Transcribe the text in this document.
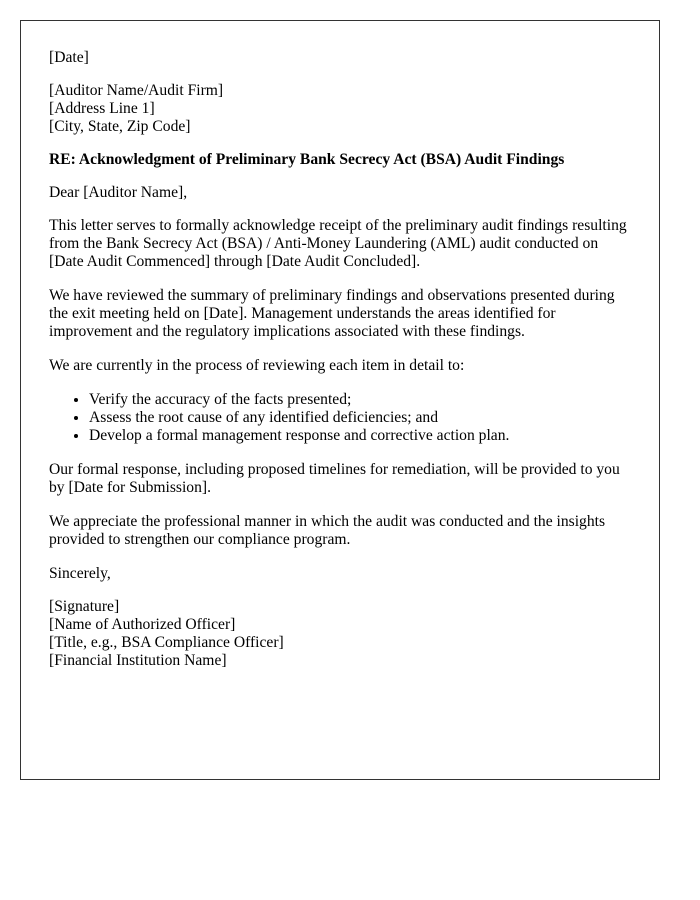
[Date]
[Auditor Name/Audit Firm]
[Address Line 1]
[City, State, Zip Code]
RE: Acknowledgment of Preliminary Bank Secrecy Act (BSA) Audit Findings
Dear [Auditor Name],

This letter serves to formally acknowledge receipt of the preliminary audit findings resulting from the Bank Secrecy Act (BSA) / Anti-Money Laundering (AML) audit conducted on [Date Audit Commenced] through [Date Audit Concluded].

We have reviewed the summary of preliminary findings and observations presented during the exit meeting held on [Date]. Management understands the areas identified for improvement and the regulatory implications associated with these findings.

We are currently in the process of reviewing each item in detail to:

• Verify the accuracy of the facts presented;
• Assess the root cause of any identified deficiencies; and
• Develop a formal management response and corrective action plan.

Our formal response, including proposed timelines for remediation, will be provided to you by [Date for Submission].

We appreciate the professional manner in which the audit was conducted and the insights provided to strengthen our compliance program.

Sincerely,
[Signature]
[Name of Authorized Officer]
[Title, e.g., BSA Compliance Officer]
[Financial Institution Name]
